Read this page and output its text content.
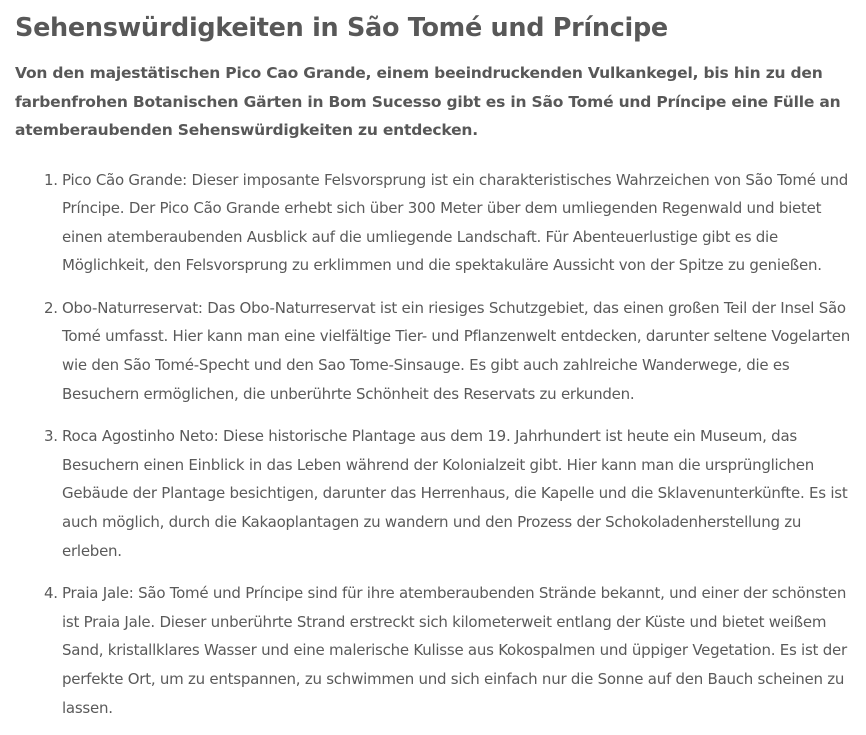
Sehenswürdigkeiten in São Tomé und Príncipe

Von den majestätischen Pico Cao Grande, einem beeindruckenden Vulkankegel, bis hin zu den farbenfrohen Botanischen Gärten in Bom Sucesso gibt es in São Tomé und Príncipe eine Fülle an atemberaubenden Sehenswürdigkeiten zu entdecken.

1. Pico Cão Grande: Dieser imposante Felsvorsprung ist ein charakteristisches Wahrzeichen von São Tomé und Príncipe. Der Pico Cão Grande erhebt sich über 300 Meter über dem umliegenden Regenwald und bietet einen atemberaubenden Ausblick auf die umliegende Landschaft. Für Abenteuerlustige gibt es die Möglichkeit, den Felsvorsprung zu erklimmen und die spektakuläre Aussicht von der Spitze zu genießen.
2. Obo-Naturreservat: Das Obo-Naturreservat ist ein riesiges Schutzgebiet, das einen großen Teil der Insel São Tomé umfasst. Hier kann man eine vielfältige Tier- und Pflanzenwelt entdecken, darunter seltene Vogelarten wie den São Tomé-Specht und den Sao Tome-Sinsauge. Es gibt auch zahlreiche Wanderwege, die es Besuchern ermöglichen, die unberührte Schönheit des Reservats zu erkunden.
3. Roca Agostinho Neto: Diese historische Plantage aus dem 19. Jahrhundert ist heute ein Museum, das Besuchern einen Einblick in das Leben während der Kolonialzeit gibt. Hier kann man die ursprünglichen Gebäude der Plantage besichtigen, darunter das Herrenhaus, die Kapelle und die Sklavenunterkünfte. Es ist auch möglich, durch die Kakaoplantagen zu wandern und den Prozess der Schokoladenherstellung zu erleben.
4. Praia Jale: São Tomé und Príncipe sind für ihre atemberaubenden Strände bekannt, und einer der schönsten ist Praia Jale. Dieser unberührte Strand erstreckt sich kilometerweit entlang der Küste und bietet weißem Sand, kristallklares Wasser und eine malerische Kulisse aus Kokospalmen und üppiger Vegetation. Es ist der perfekte Ort, um zu entspannen, zu schwimmen und sich einfach nur die Sonne auf den Bauch scheinen zu lassen.
